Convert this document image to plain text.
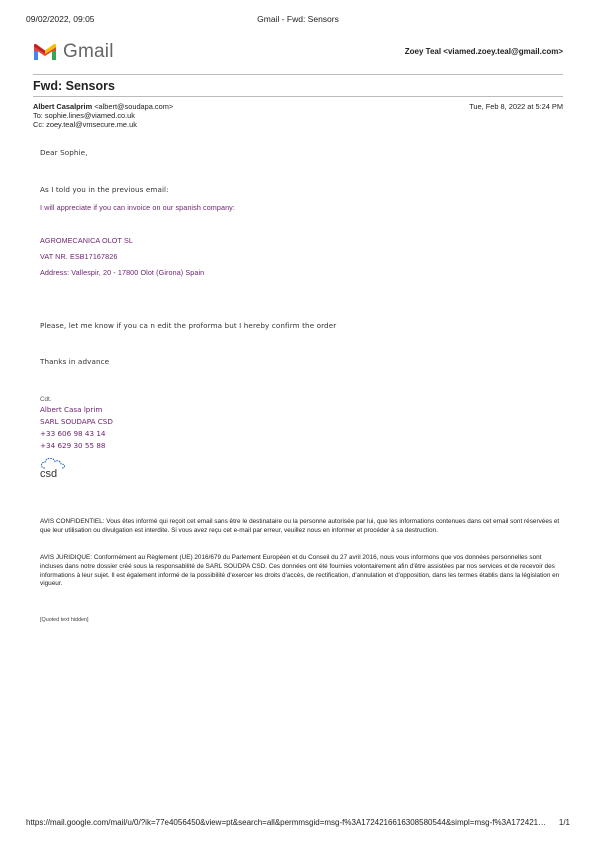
09/02/2022, 09:05	Gmail - Fwd: Sensors
Gmail	Zoey Teal <viamed.zoey.teal@gmail.com>
Fwd: Sensors
Albert Casalprim <albert@soudapa.com>	Tue, Feb 8, 2022 at 5:24 PM
To: sophie.lines@viamed.co.uk
Cc: zoey.teal@vmsecure.me.uk
Dear Sophie,
As I told you in the previous email:
I will appreciate if you can invoice on our spanish company:
AGROMECANICA OLOT SL
VAT NR. ESB17167826
Address: Vallespir, 20 - 17800 Olot (Girona) Spain
Please, let me know if you ca n edit the proforma but I hereby confirm the order
Thanks in advance
Cdt.
Albert Casa lprim
SARL SOUDAPA CSD
+33 606 98 43 14
+34 629 30 55 88
csd
AVIS CONFIDENTIEL: Vous êtes informé qui reçoit cet email sans être le destinataire ou la personne autorisée par lui, que les informations contenues dans cet email sont réservées et que leur utilisation ou divulgation est interdite. Si vous avez reçu cet e-mail par erreur, veuillez nous en informer et procéder à sa destruction.
AVIS JURIDIQUE: Conformément au Règlement (UE) 2016/679 du Parlement Européen et du Conseil du 27 avril 2016, nous vous informons que vos données personnelles sont incluses dans notre dossier créé sous la responsabilité de SARL SOUDPA CSD. Ces données ont été fournies volontairement afin d'être assistées par nos services et de recevoir des informations à leur sujet. Il est également informé de la possibilité d'exercer les droits d'accès, de rectification, d'annulation et d'opposition, dans les termes établis dans la législation en vigueur.
[Quoted text hidden]
https://mail.google.com/mail/u/0/?ik=77e4056450&view=pt&search=all&permmsgid=msg-f%3A1724216616308580544&simpl=msg-f%3A172421… 1/1
